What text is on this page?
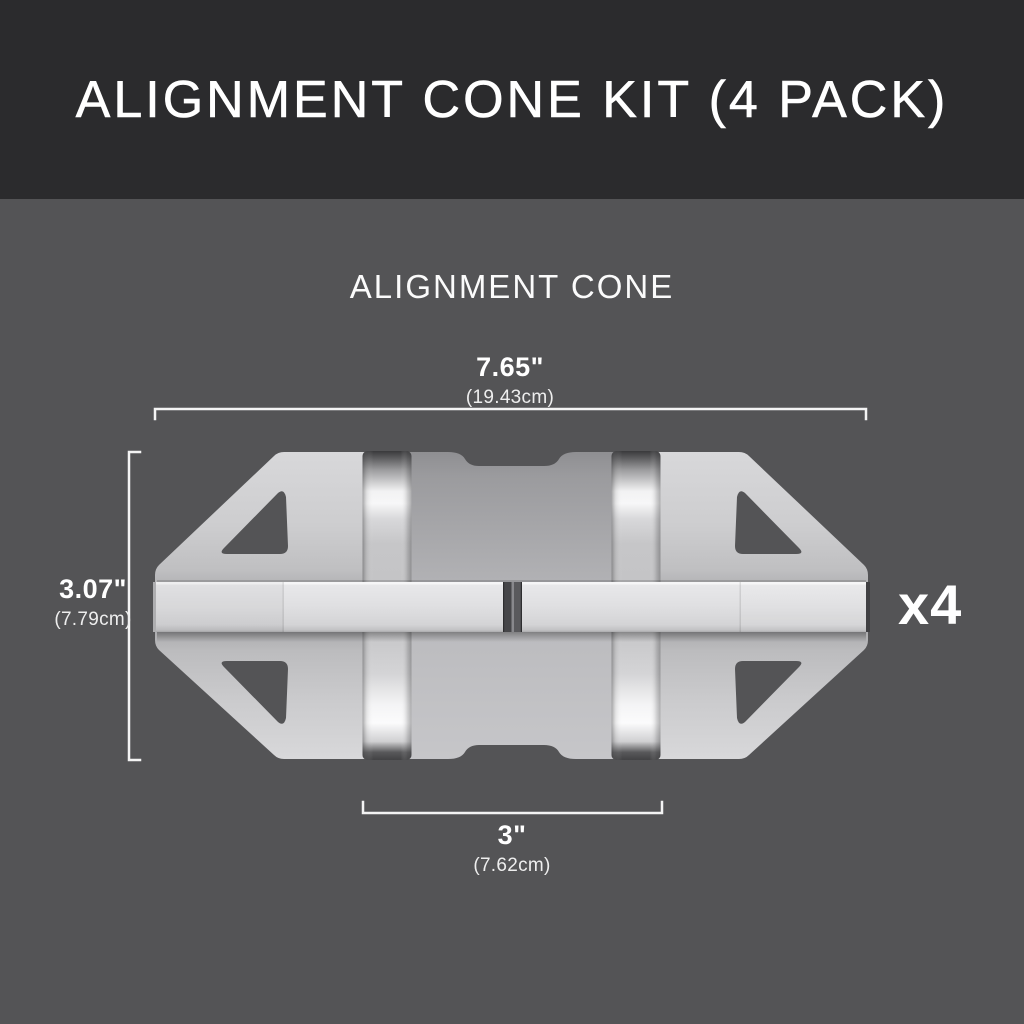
ALIGNMENT CONE KIT (4 PACK)
ALIGNMENT CONE
7.65"
(19.43cm)
3.07"
(7.79cm)
3"
(7.62cm)
x4
